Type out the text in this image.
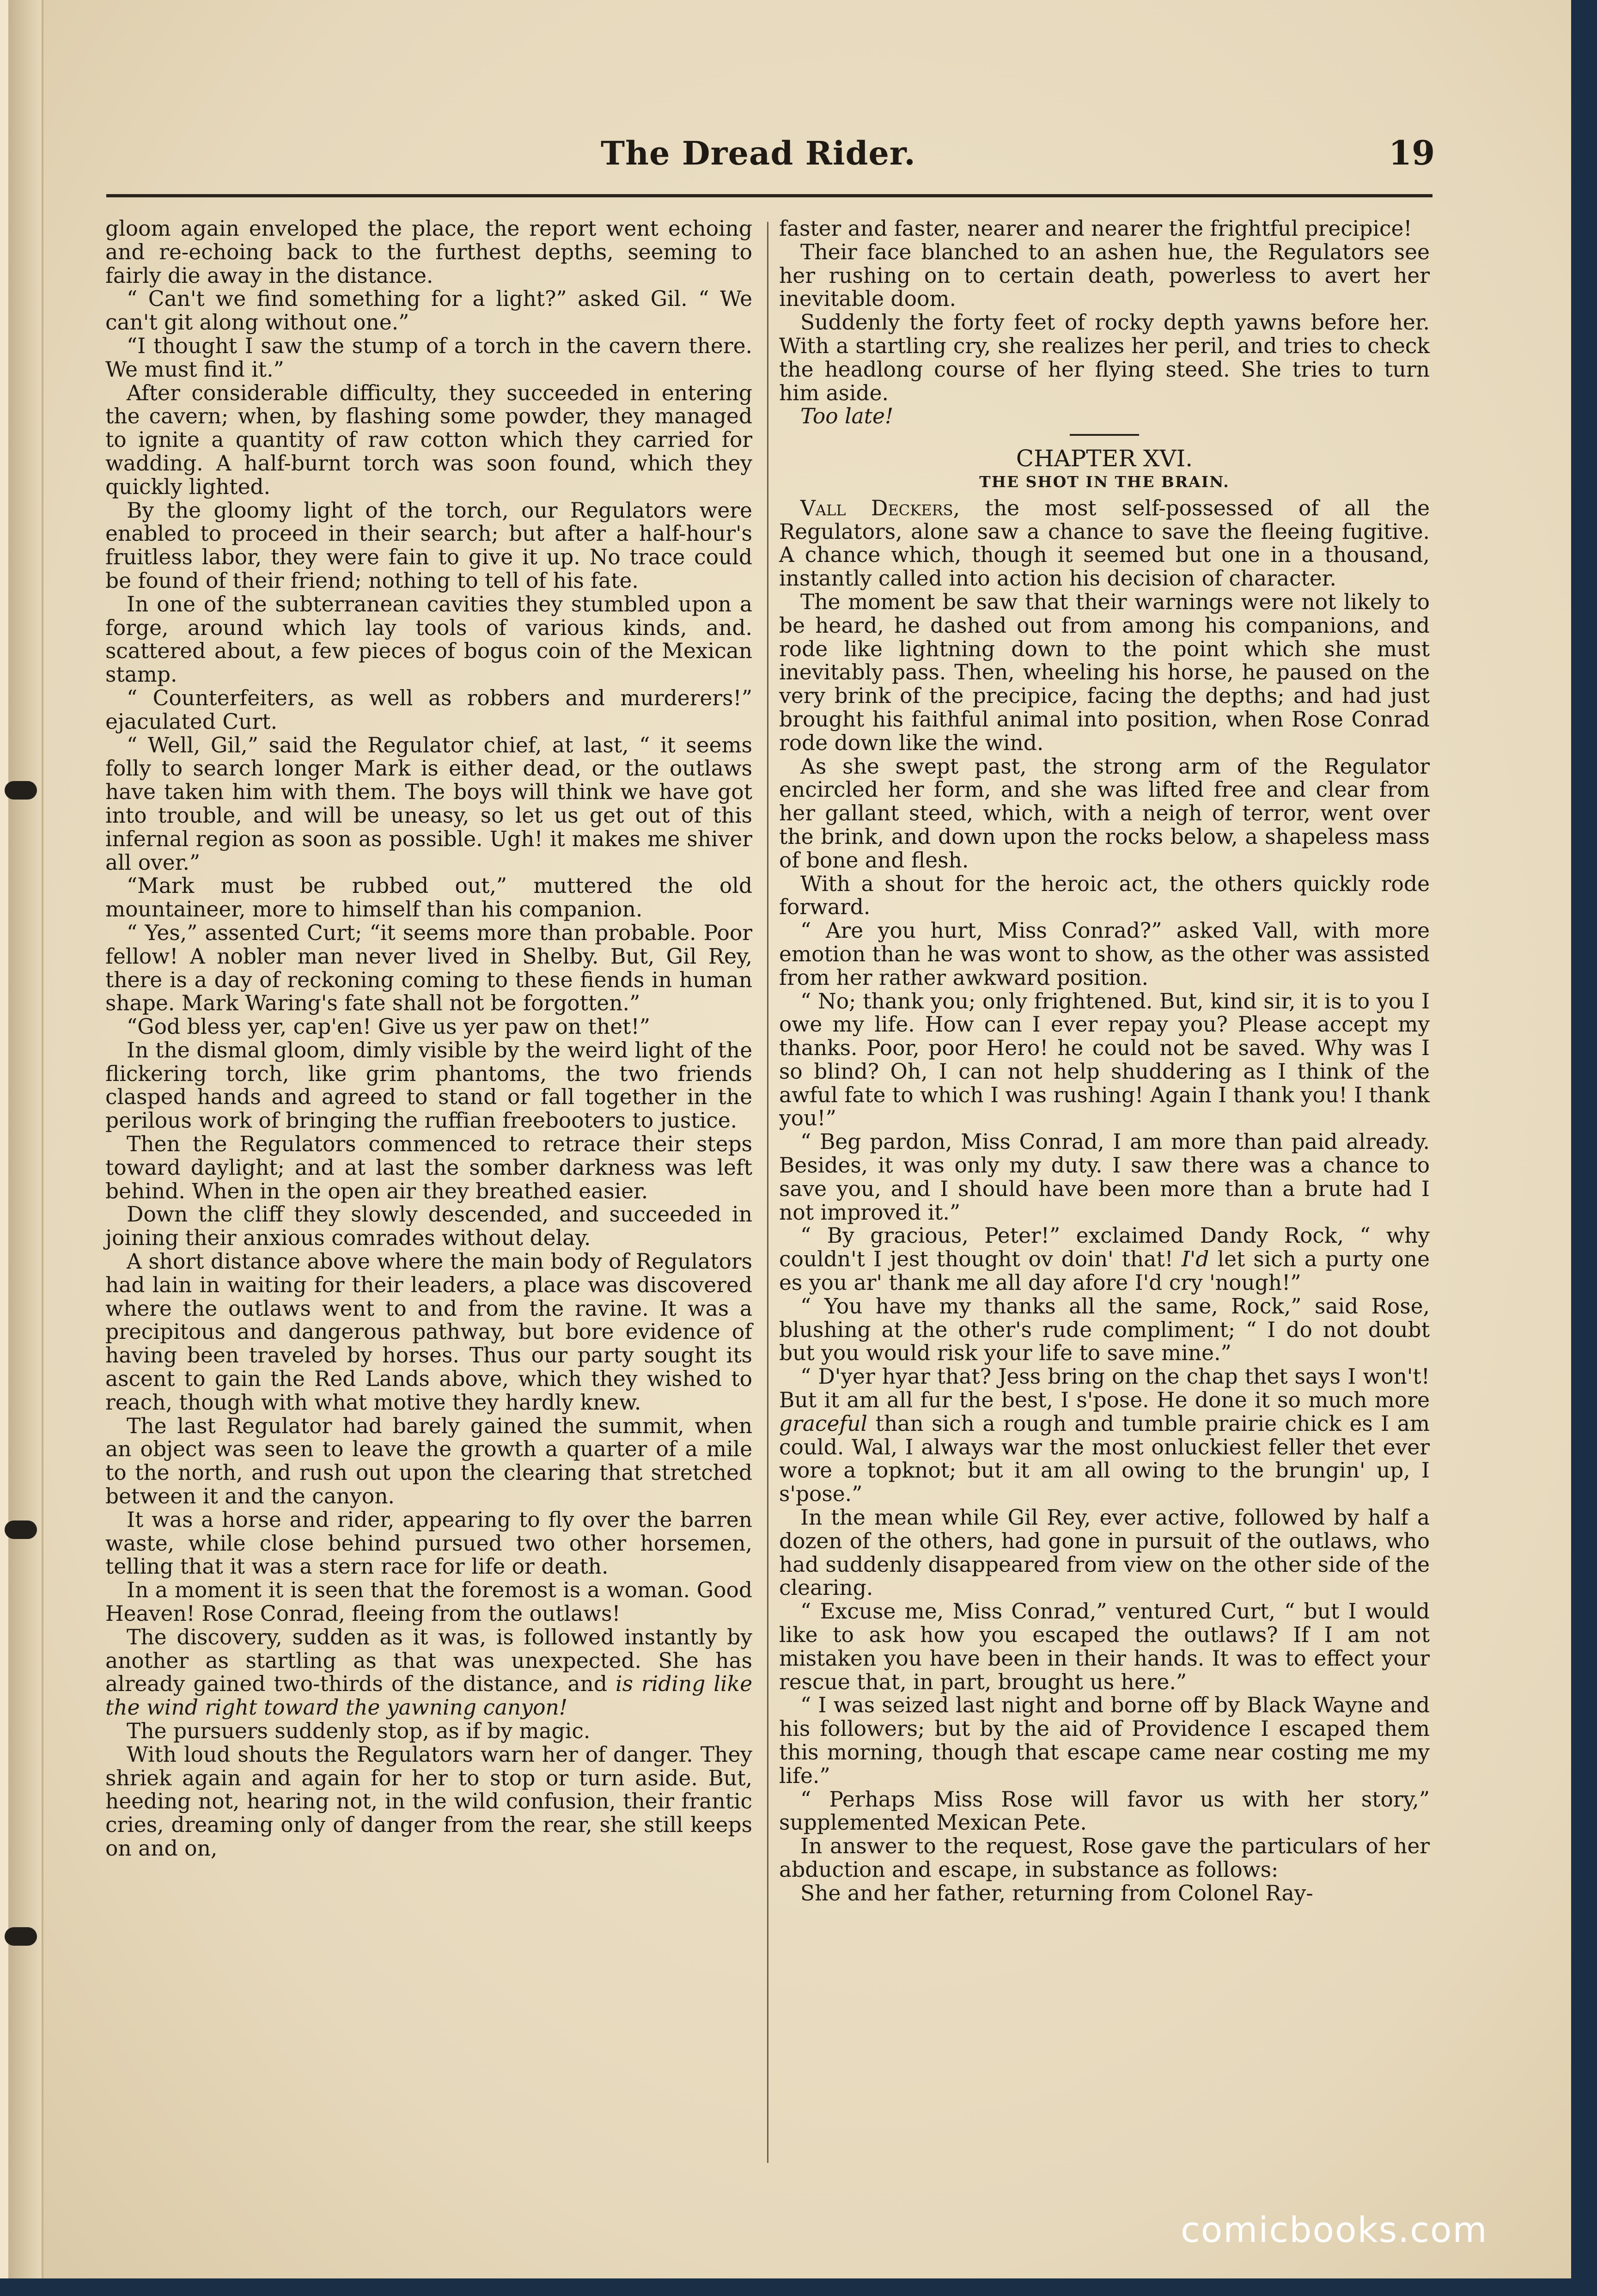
The Dread Rider.	19

gloom again enveloped the place, the report went echoing and re-echoing back to the furthest depths, seeming to fairly die away in the distance.

“ Can't we find something for a light?” asked Gil. “ We can't git along without one.”

“I thought I saw the stump of a torch in the cavern there. We must find it.”

After considerable difficulty, they succeeded in entering the cavern; when, by flashing some powder, they managed to ignite a quantity of raw cotton which they carried for wadding. A half-burnt torch was soon found, which they quickly lighted.

By the gloomy light of the torch, our Regulators were enabled to proceed in their search; but after a half-hour's fruitless labor, they were fain to give it up. No trace could be found of their friend; nothing to tell of his fate.

In one of the subterranean cavities they stumbled upon a forge, around which lay tools of various kinds, and. scattered about, a few pieces of bogus coin of the Mexican stamp.

“ Counterfeiters, as well as robbers and murderers!” ejaculated Curt.

“ Well, Gil,” said the Regulator chief, at last, “ it seems folly to search longer Mark is either dead, or the outlaws have taken him with them. The boys will think we have got into trouble, and will be uneasy, so let us get out of this infernal region as soon as possible. Ugh! it makes me shiver all over.”

“Mark must be rubbed out,” muttered the old mountaineer, more to himself than his companion.

“ Yes,” assented Curt; “it seems more than probable. Poor fellow! A nobler man never lived in Shelby. But, Gil Rey, there is a day of reckoning coming to these fiends in human shape. Mark Waring's fate shall not be forgotten.”

“God bless yer, cap'en! Give us yer paw on thet!”

In the dismal gloom, dimly visible by the weird light of the flickering torch, like grim phantoms, the two friends clasped hands and agreed to stand or fall together in the perilous work of bringing the ruffian freebooters to justice.

Then the Regulators commenced to retrace their steps toward daylight; and at last the somber darkness was left behind. When in the open air they breathed easier.

Down the cliff they slowly descended, and succeeded in joining their anxious comrades without delay.

A short distance above where the main body of Regulators had lain in waiting for their leaders, a place was discovered where the outlaws went to and from the ravine. It was a precipitous and dangerous pathway, but bore evidence of having been traveled by horses. Thus our party sought its ascent to gain the Red Lands above, which they wished to reach, though with what motive they hardly knew.

The last Regulator had barely gained the summit, when an object was seen to leave the growth a quarter of a mile to the north, and rush out upon the clearing that stretched between it and the canyon.

It was a horse and rider, appearing to fly over the barren waste, while close behind pursued two other horsemen, telling that it was a stern race for life or death.

In a moment it is seen that the foremost is a woman. Good Heaven! Rose Conrad, fleeing from the outlaws!

The discovery, sudden as it was, is followed instantly by another as startling as that was unexpected. She has already gained two-thirds of the distance, and is riding like the wind right toward the yawning canyon!

The pursuers suddenly stop, as if by magic.

With loud shouts the Regulators warn her of danger. They shriek again and again for her to stop or turn aside. But, heeding not, hearing not, in the wild confusion, their frantic cries, dreaming only of danger from the rear, she still keeps on and on,

faster and faster, nearer and nearer the frightful precipice!

Their face blanched to an ashen hue, the Regulators see her rushing on to certain death, powerless to avert her inevitable doom.

Suddenly the forty feet of rocky depth yawns before her. With a startling cry, she realizes her peril, and tries to check the headlong course of her flying steed. She tries to turn him aside.

Too late!

CHAPTER XVI.

THE SHOT IN THE BRAIN.

Vall Deckers, the most self-possessed of all the Regulators, alone saw a chance to save the fleeing fugitive. A chance which, though it seemed but one in a thousand, instantly called into action his decision of character.

The moment be saw that their warnings were not likely to be heard, he dashed out from among his companions, and rode like lightning down to the point which she must inevitably pass. Then, wheeling his horse, he paused on the very brink of the precipice, facing the depths; and had just brought his faithful animal into position, when Rose Conrad rode down like the wind.

As she swept past, the strong arm of the Regulator encircled her form, and she was lifted free and clear from her gallant steed, which, with a neigh of terror, went over the brink, and down upon the rocks below, a shapeless mass of bone and flesh.

With a shout for the heroic act, the others quickly rode forward.

“ Are you hurt, Miss Conrad?” asked Vall, with more emotion than he was wont to show, as the other was assisted from her rather awkward position.

“ No; thank you; only frightened. But, kind sir, it is to you I owe my life. How can I ever repay you? Please accept my thanks. Poor, poor Hero! he could not be saved. Why was I so blind? Oh, I can not help shuddering as I think of the awful fate to which I was rushing! Again I thank you! I thank you!”

“ Beg pardon, Miss Conrad, I am more than paid already. Besides, it was only my duty. I saw there was a chance to save you, and I should have been more than a brute had I not improved it.”

“ By gracious, Peter!” exclaimed Dandy Rock, “ why couldn't I jest thought ov doin' that! I'd let sich a purty one es you ar' thank me all day afore I'd cry 'nough!”

“ You have my thanks all the same, Rock,” said Rose, blushing at the other's rude compliment; “ I do not doubt but you would risk your life to save mine.”

“ D'yer hyar that? Jess bring on the chap thet says I won't! But it am all fur the best, I s'pose. He done it so much more graceful than sich a rough and tumble prairie chick es I am could. Wal, I always war the most onluckiest feller thet ever wore a topknot; but it am all owing to the brungin' up, I s'pose.”

In the mean while Gil Rey, ever active, followed by half a dozen of the others, had gone in pursuit of the outlaws, who had suddenly disappeared from view on the other side of the clearing.

“ Excuse me, Miss Conrad,” ventured Curt, “ but I would like to ask how you escaped the outlaws? If I am not mistaken you have been in their hands. It was to effect your rescue that, in part, brought us here.”

“ I was seized last night and borne off by Black Wayne and his followers; but by the aid of Providence I escaped them this morning, though that escape came near costing me my life.”

“ Perhaps Miss Rose will favor us with her story,” supplemented Mexican Pete.

In answer to the request, Rose gave the particulars of her abduction and escape, in substance as follows:

She and her father, returning from Colonel Ray-

comicbooks.com
